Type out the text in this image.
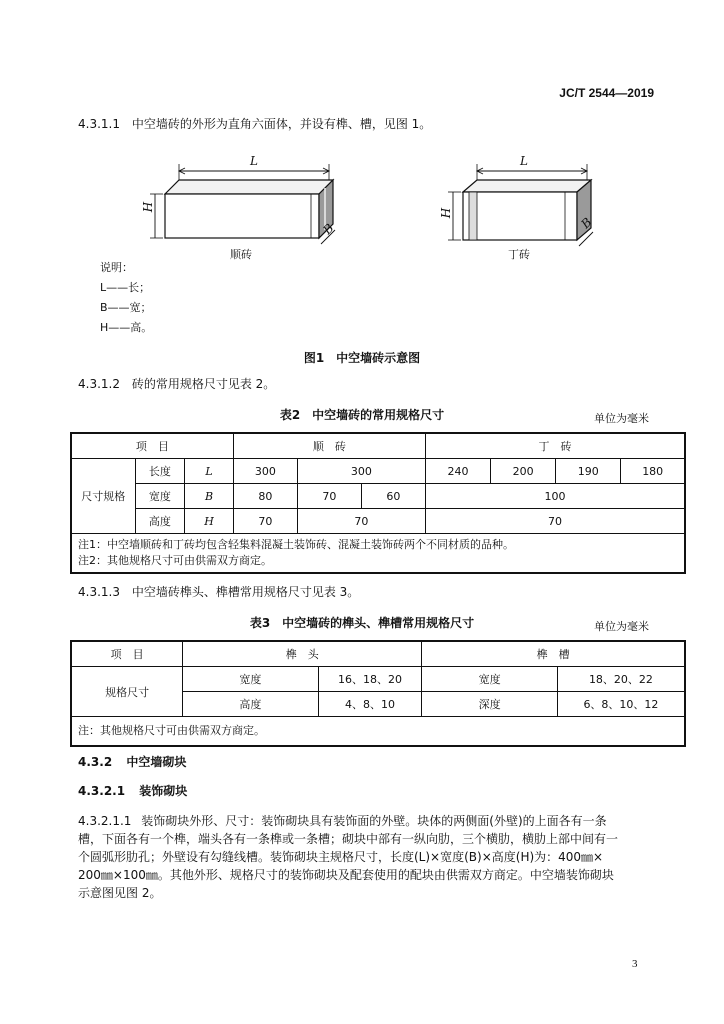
JC/T 2544—2019
4.3.1.1 中空墙砖的外形为直角六面体，并设有榫、槽，见图 1。
L
H
B
L
H
B
顺砖	丁砖
说明：
L——长；
B——宽；
H——高。
图1　中空墙砖示意图
4.3.1.2 砖的常用规格尺寸见表 2。
表2　中空墙砖的常用规格尺寸	单位为毫米
项　目			顺　砖			丁　砖			
尺寸规格	长度	L	300	300		240	200	190	180
	宽度	B	80	70	60	100			
	高度	H	70	70		70			

注1：中空墙顺砖和丁砖均包含轻集料混凝土装饰砖、混凝土装饰砖两个不同材质的品种。
注2：其他规格尺寸可由供需双方商定。									
4.3.1.3 中空墙砖榫头、榫槽常用规格尺寸见表 3。
表3　中空墙砖的榫头、榫槽常用规格尺寸	单位为毫米
项　目	榫　头		榫　槽	
规格尺寸	宽度	16、18、20	宽度	18、20、22
	高度	4、8、10	深度	6、8、10、12
注：其他规格尺寸可由供需双方商定。				
4.3.2 中空墙砌块
4.3.2.1 装饰砌块
4.3.2.1.1 装饰砌块外形、尺寸：装饰砌块具有装饰面的外壁。块体的两侧面(外壁)的上面各有一条
槽，下面各有一个榫，端头各有一条榫或一条槽；砌块中部有一纵向肋，三个横肋，横肋上部中间有一
个圆弧形肋孔；外壁设有勾缝线槽。装饰砌块主规格尺寸，长度(L)×宽度(B)×高度(H)为：400㎜×
200㎜×100㎜。其他外形、规格尺寸的装饰砌块及配套使用的配块由供需双方商定。中空墙装饰砌块
示意图见图 2。
3
